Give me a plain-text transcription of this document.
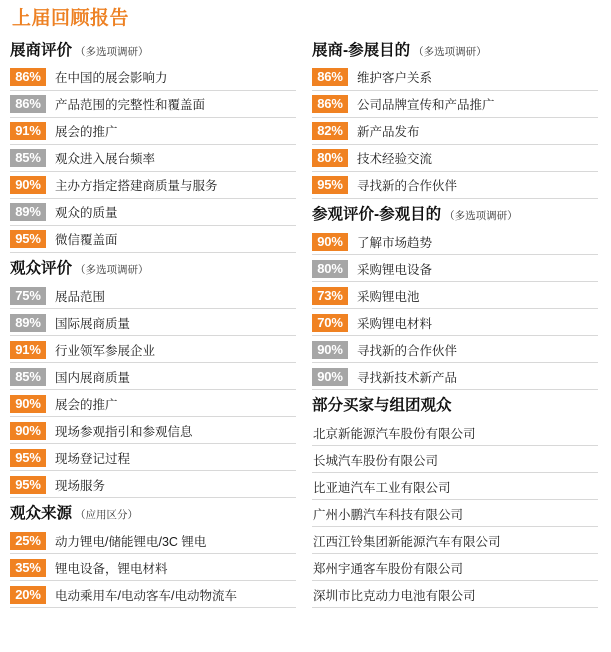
上届回顾报告
展商评价 （多选项调研）
86%	在中国的展会影响力
86%	产品范围的完整性和覆盖面
91%	展会的推广
85%	观众进入展台频率
90%	主办方指定搭建商质量与服务
89%	观众的质量
95%	微信覆盖面
观众评价 （多选项调研）
75%	展品范围
89%	国际展商质量
91%	行业领军参展企业
85%	国内展商质量
90%	展会的推广
90%	现场参观指引和参观信息
95%	现场登记过程
95%	现场服务
观众来源 （应用区分）
25%	动力锂电/储能锂电/3C 锂电
35%	锂电设备，锂电材料
20%	电动乘用车/电动客车/电动物流车
展商-参展目的 （多选项调研）
86%	维护客户关系
86%	公司品牌宣传和产品推广
82%	新产品发布
80%	技术经验交流
95%	寻找新的合作伙伴
参观评价-参观目的 （多选项调研）
90%	了解市场趋势
80%	采购锂电设备
73%	采购锂电池
70%	采购锂电材料
90%	寻找新的合作伙伴
90%	寻找新技术新产品
部分买家与组团观众
北京新能源汽车股份有限公司
长城汽车股份有限公司
比亚迪汽车工业有限公司
广州小鹏汽车科技有限公司
江西江铃集团新能源汽车有限公司
郑州宇通客车股份有限公司
深圳市比克动力电池有限公司
